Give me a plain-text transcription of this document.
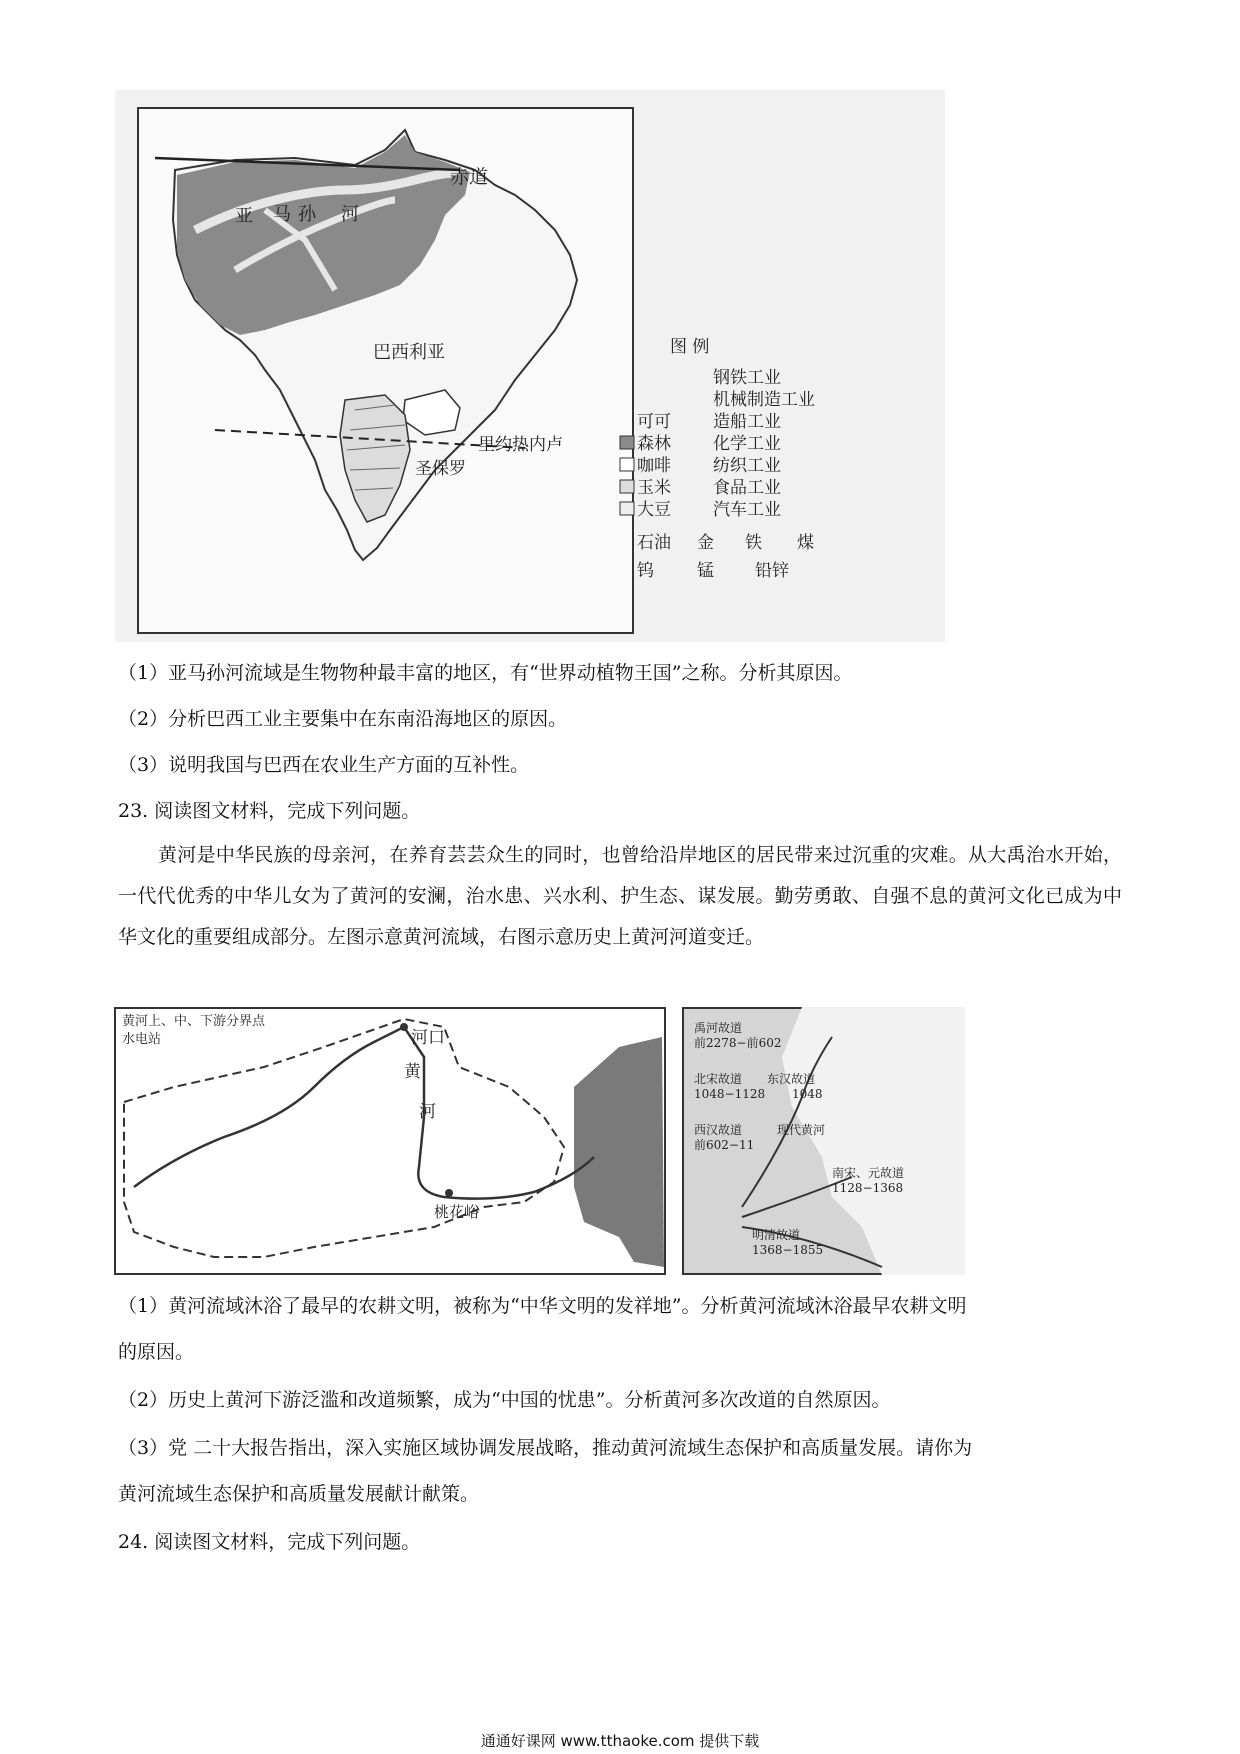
赤道
亚 马 孙 河
巴西利亚
里约热内卢
圣保罗
图 例
钢铁工业
机械制造工业
造船工业
化学工业
纺织工业
食品工业
汽车工业
可可
森林
咖啡
玉米
大豆
石油 金 铁 煤
钨	锰 铅锌
（1）亚马孙河流域是生物物种最丰富的地区，有“世界动植物王国”之称。分析其原因。
（2）分析巴西工业主要集中在东南沿海地区的原因。
（3）说明我国与巴西在农业生产方面的互补性。
23. 阅读图文材料，完成下列问题。
黄河是中华民族的母亲河，在养育芸芸众生的同时，也曾给沿岸地区的居民带来过沉重的灾难。从大禹治水开始，一代代优秀的中华儿女为了黄河的安澜，治水患、兴水利、护生态、谋发展。勤劳勇敢、自强不息的黄河文化已成为中华文化的重要组成部分。左图示意黄河流域，右图示意历史上黄河河道变迁。
黄河上、中、下游分界点
水电站	河口
黄
河
桃花峪
禹河故道
前2278−前602
北宋故道
1048−1128
东汉故道
1048
西汉故道
前602−11
现代黄河
南宋、元故道
1128−1368
明清故道
1368−1855
（1）黄河流域沐浴了最早的农耕文明，被称为“中华文明的发祥地”。分析黄河流域沐浴最早农耕文明
的原因。
（2）历史上黄河下游泛滥和改道频繁，成为“中国的忧患”。分析黄河多次改道的自然原因。
（3）党 二十大报告指出，深入实施区域协调发展战略，推动黄河流域生态保护和高质量发展。请你为
黄河流域生态保护和高质量发展献计献策。
24. 阅读图文材料，完成下列问题。
通通好课网 www.tthaoke.com 提供下载
